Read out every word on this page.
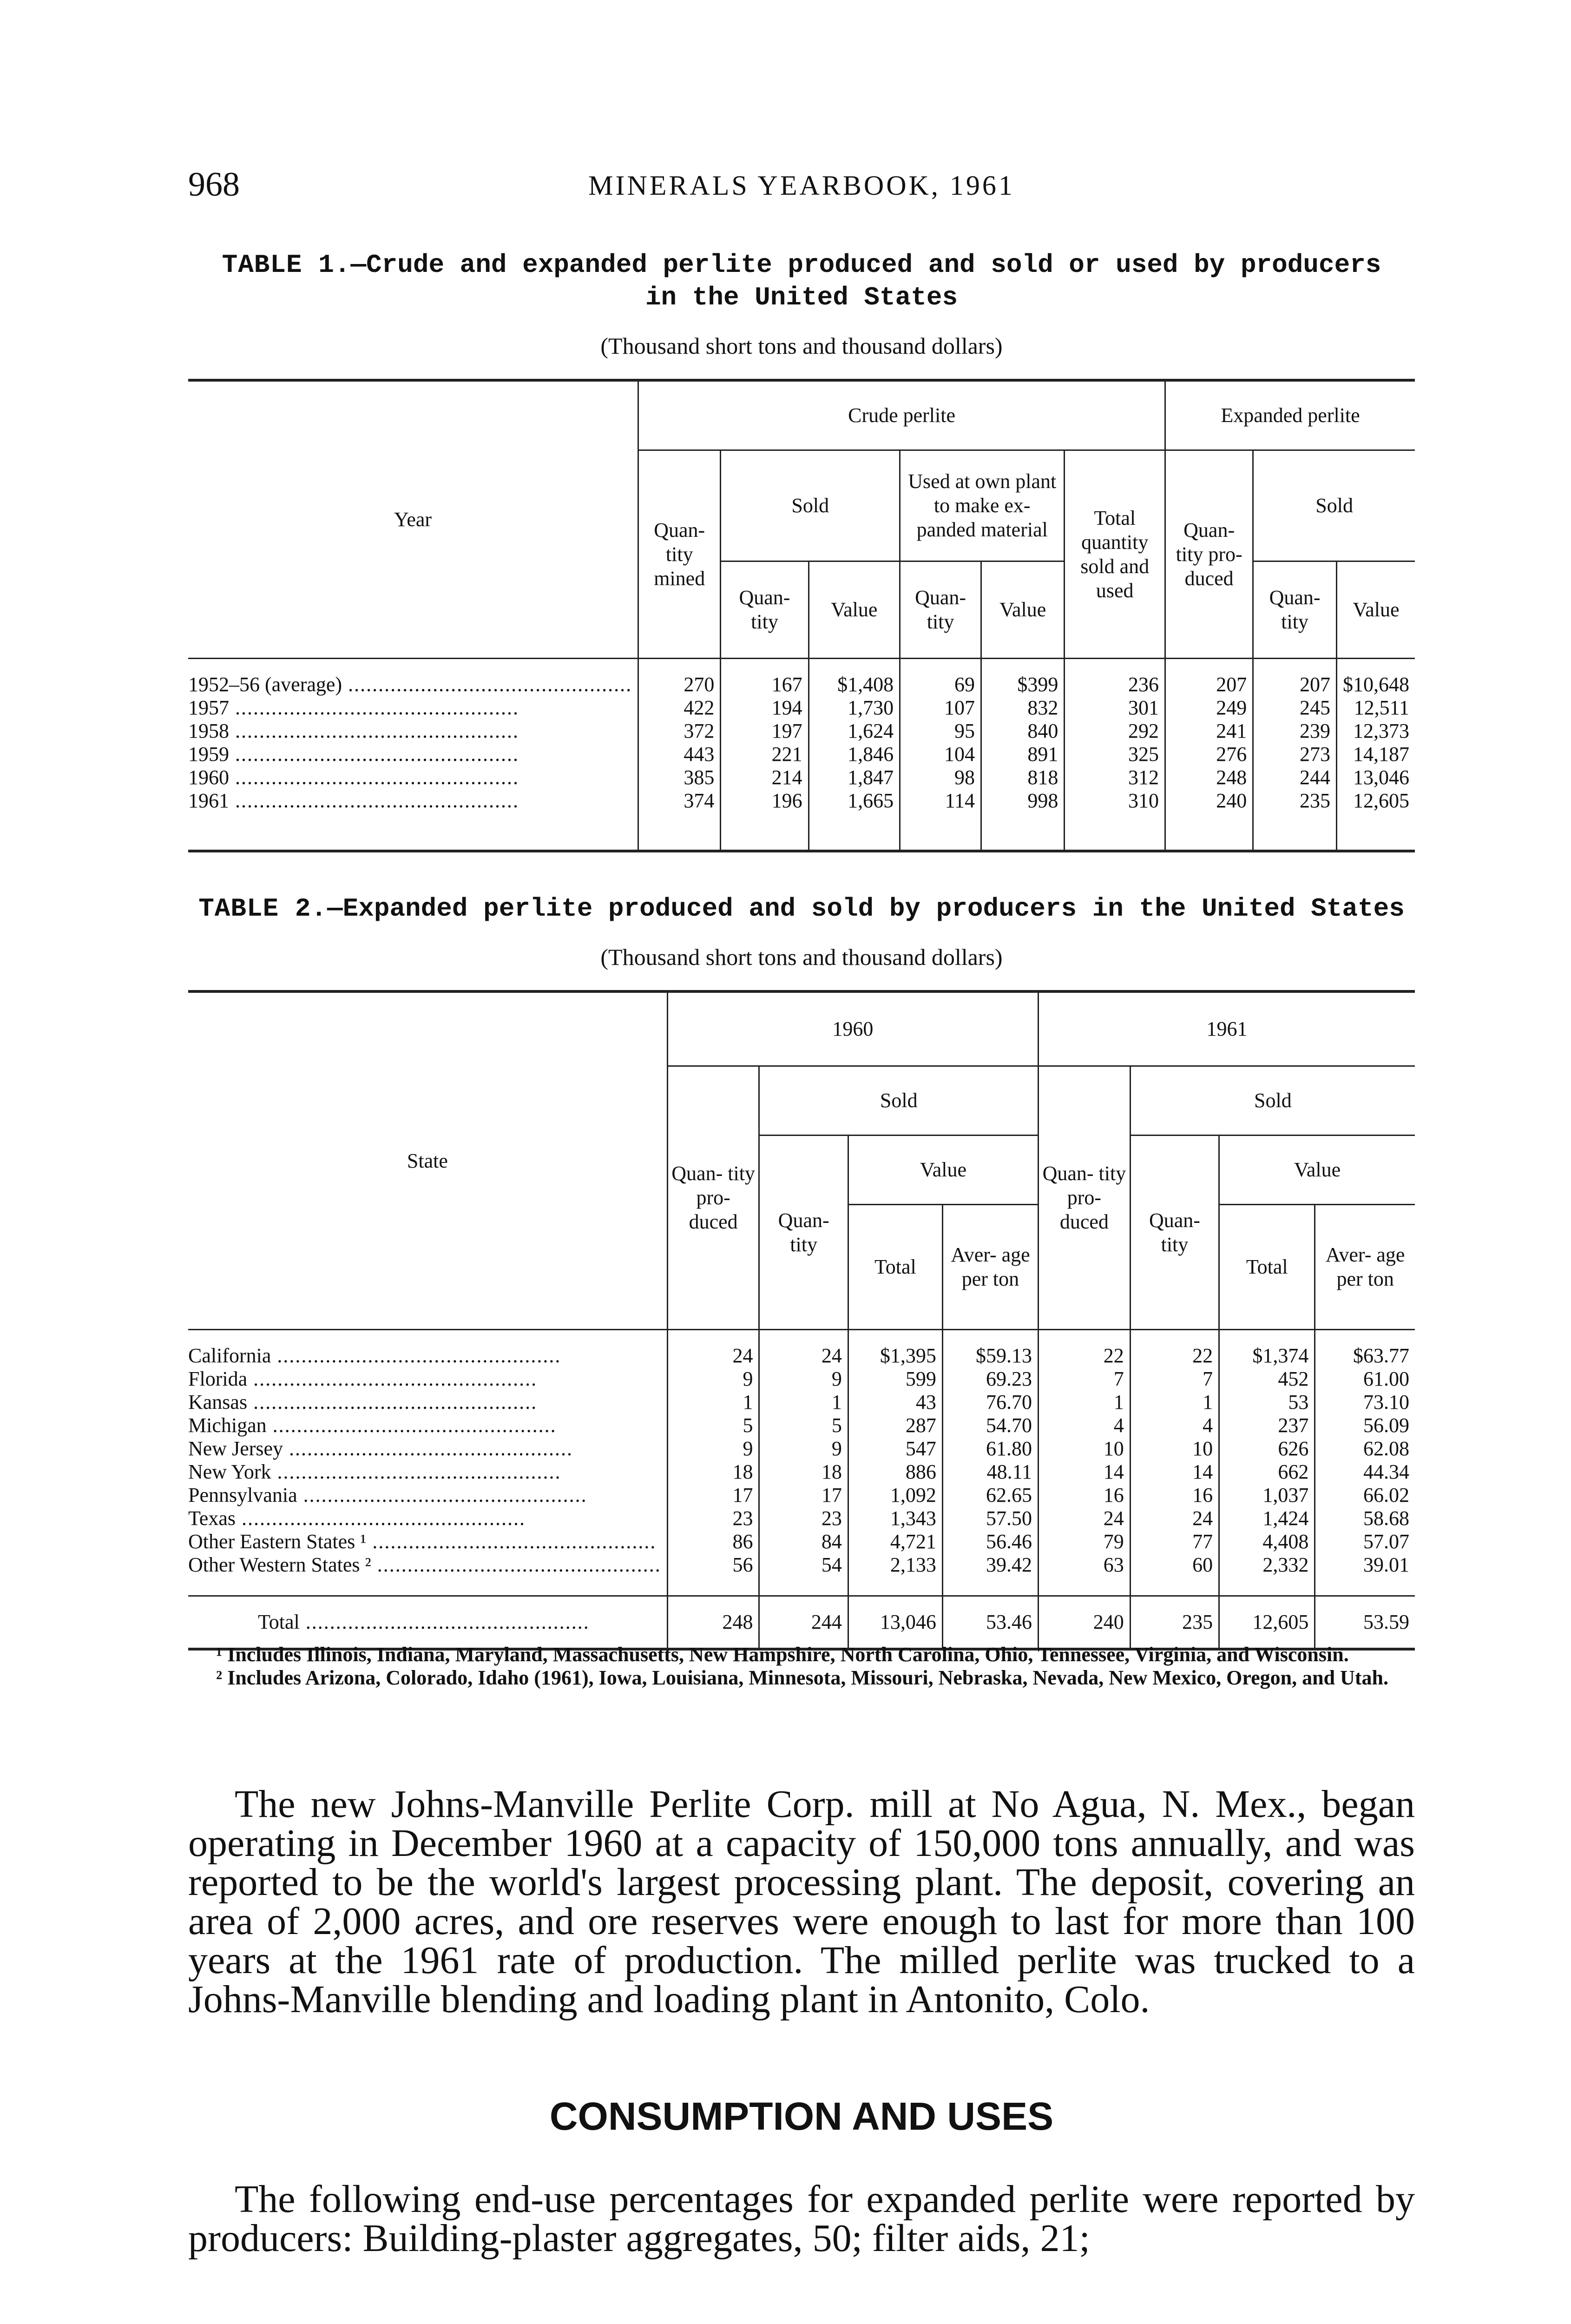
968	MINERALS YEARBOOK, 1961
TABLE 1.—Crude and expanded perlite produced and sold or used by producers
in the United States
(Thousand short tons and thousand dollars)
Year	Crude perlite						Expanded perlite		
	Quan- tity mined	Sold		Used at own plant to make ex- panded material		Total quantity sold and used	Quan- tity pro- duced	Sold	
		Quan- tity	Value	Quan- tity	Value			Quan- tity	Value
1952–56 (average) .....	270	167	$1,408	69	$399	236	207	207	$10,648
1957 .....	422	194	1,730	107	832	301	249	245	12,511
1958 .....	372	197	1,624	95	840	292	241	239	12,373
1959 .....	443	221	1,846	104	891	325	276	273	14,187
1960 .....	385	214	1,847	98	818	312	248	244	13,046
1961 .....	374	196	1,665	114	998	310	240	235	12,605
TABLE 2.—Expanded perlite produced and sold by producers in the United States
(Thousand short tons and thousand dollars)
State	1960				1961			
	Quan- tity pro- duced	Sold			Quan- tity pro- duced	Sold		
		Quan- tity	Value			Quan- tity	Value	
			Total	Aver- age per ton			Total	Aver- age per ton
California .....	24	24	$1,395	$59.13	22	22	$1,374	$63.77
Florida .....	9	9	599	69.23	7	7	452	61.00
Kansas .....	1	1	43	76.70	1	1	53	73.10
Michigan .....	5	5	287	54.70	4	4	237	56.09
New Jersey .....	9	9	547	61.80	10	10	626	62.08
New York .....	18	18	886	48.11	14	14	662	44.34
Pennsylvania .....	17	17	1,092	62.65	16	16	1,037	66.02
Texas .....	23	23	1,343	57.50	24	24	1,424	58.68
Other Eastern States ¹ .....	86	84	4,721	56.46	79	77	4,408	57.07
Other Western States ² .....	56	54	2,133	39.42	63	60	2,332	39.01
Total .....	248	244	13,046	53.46	240	235	12,605	53.59

¹ Includes Illinois, Indiana, Maryland, Massachusetts, New Hampshire, North Carolina, Ohio, Tennessee, Virginia, and Wisconsin.

² Includes Arizona, Colorado, Idaho (1961), Iowa, Louisiana, Minnesota, Missouri, Nebraska, Nevada, New Mexico, Oregon, and Utah.

The new Johns-Manville Perlite Corp. mill at No Agua, N. Mex., began operating in December 1960 at a capacity of 150,000 tons annually, and was reported to be the world's largest processing plant. The deposit, covering an area of 2,000 acres, and ore reserves were enough to last for more than 100 years at the 1961 rate of production. The milled perlite was trucked to a Johns-Manville blending and loading plant in Antonito, Colo.

CONSUMPTION AND USES

The following end-use percentages for expanded perlite were reported by producers: Building-plaster aggregates, 50; filter aids, 21;
